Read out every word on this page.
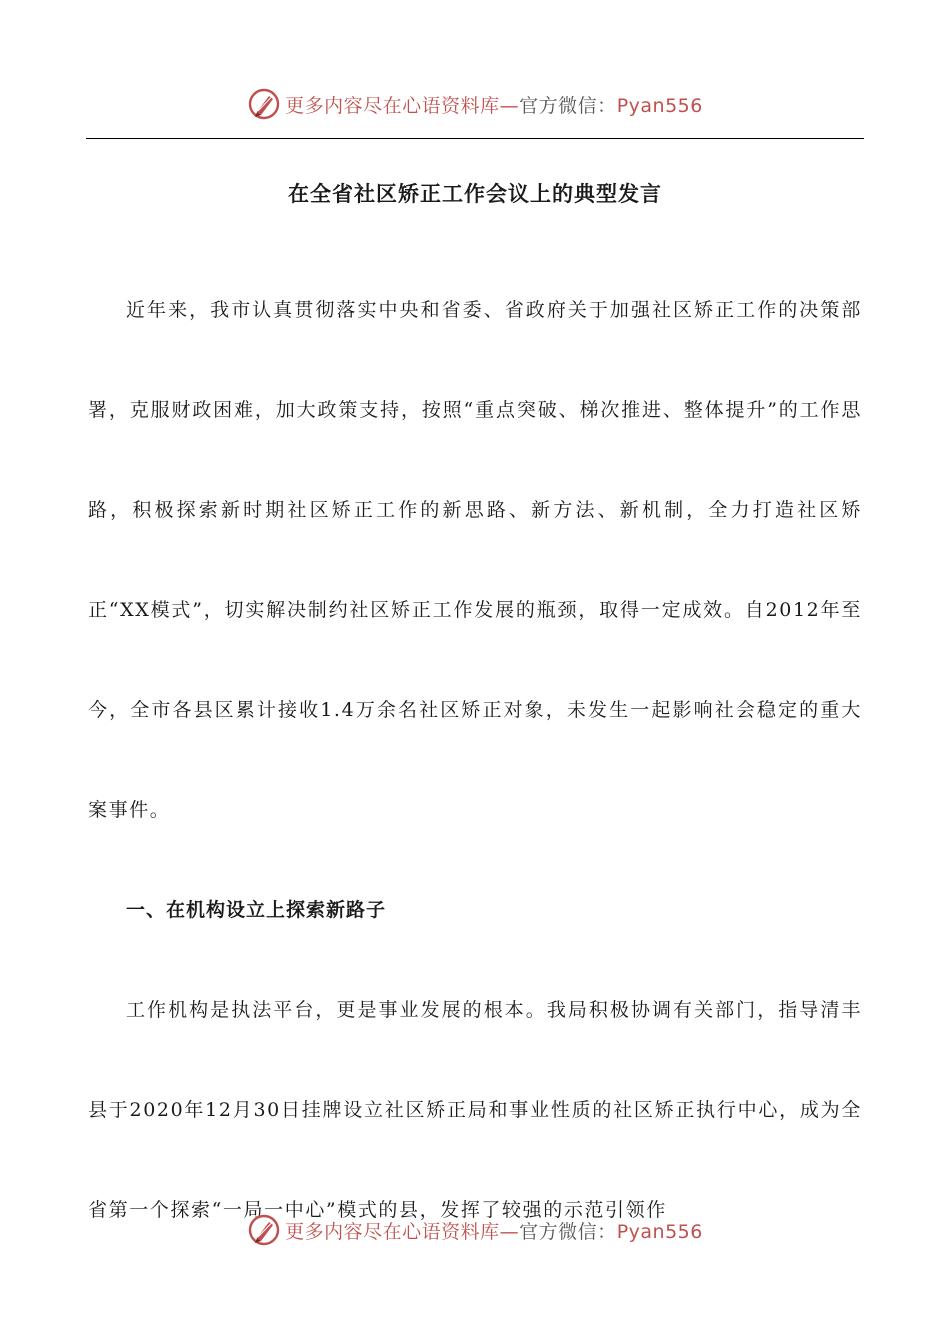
更多内容尽在心语资料库—官方微信：Pyan556
在全省社区矫正工作会议上的典型发言

近年来，我市认真贯彻落实中央和省委、省政府关于加强社区矫正工作的决策部署，克服财政困难，加大政策支持，按照“重点突破、梯次推进、整体提升”的工作思路，积极探索新时期社区矫正工作的新思路、新方法、新机制，全力打造社区矫正“XX模式”，切实解决制约社区矫正工作发展的瓶颈，取得一定成效。自2012年至今，全市各县区累计接收1.4万余名社区矫正对象，未发生一起影响社会稳定的重大案事件。

一、在机构设立上探索新路子

工作机构是执法平台，更是事业发展的根本。我局积极协调有关部门，指导清丰县于2020年12月30日挂牌设立社区矫正局和事业性质的社区矫正执行中心，成为全省第一个探索“一局一中心”模式的县，发挥了较强的示范引领作

更多内容尽在心语资料库—官方微信：Pyan556
